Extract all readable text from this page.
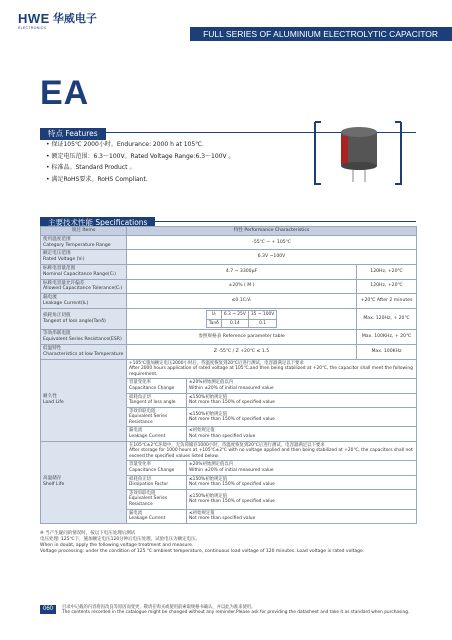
HWE 华威电子
ELECTRONICS
FULL SERIES OF ALUMINIUM ELECTROLYTIC CAPACITOR
EA
特点 Features
• 保证105℃ 2000小时。Endurance: 2000 h at 105℃.
• 额定电压范围：6.3～100V。Rated Voltage Range:6.3～100V 。
• 标准品。Standard Product 。
• 满足RoHS要求。RoHS Compliant.
主要技术性能 Specifications
项目 Items	特性 Performance Characteristics

使用温度范围
Category Temperature Range
	-55℃ ~ + 105℃

额定电压范围
Rated Voltage (Vᵣ)
	6.3V ~100V

标称电容量范围
Nominal Capacitance Range(Cᵣ)
	4.7 ~ 3300μF	120Hz, +20℃

标称电容量允许偏差
Allowed Capacitance Tolerance(Cᵣ)
	±20% ( M )	120Hz, +20℃

漏电流
Leakage Current(Iʟ)
	≤0.1CᵣVᵣ	+20℃ After 2 minutes

损耗角正切值
Tangent of loss angle(Tanδ)

Uᵣ	6.3 ~ 25V	35 ~ 100V
Tanδ	0.14	0.1
	Max. 120Hz, + 20℃

等效串联电阻
Equivalent Series Resistance(ESR)
	参照规格表 Reference parameter table	Max. 100KHz, + 20℃

低温特性
Characteristics at low Temperature
	Z -55℃ / Z +20℃ ≤ 1.5	Max. 100KHz

耐久性
Load Life

+105℃施加额定电压2000小时后，待温度恢复到20℃后进行测试，电容器满足以下要求
After 2000 hours application of rated voltage at 105℃,and then being stabilized at +20℃, the capacitor shall meet the following requirement.

容量变化率
Capacitance Change

±20%初始测定值以内
Within ±20% of initial measured value

损耗角正切
Tangent of loss angle

≤150%初始规定值
Not more than 150% of specified value

等效串联电阻
Equivalent Series Resistance

≤150%初始规定值
Not more than 150% of specified value

漏电流
Leakage Current

≤初始规定值
Not more than specified value

高温储存
Shelf Life

在105℃±2℃环境中，无负荷储存1000小时，待温度恢复到20℃后进行测试，电容器满足以下要求
After storage for 1000 hours at +105℃±2℃ with no voltage applied and then being stabilized at +20℃, the capacitors shall not exceed the specified values listed below.

容量变化率
Capacitance Change

±20%初始测定值以内
Within ±20% of initial measured value

损耗角正切
Dissipation Factor

≤150%初始规定值
Not more than 150% of specified value

等效串联电阻
Equivalent Series Resistance

≤150%初始规定值
Not more than 150% of specified value

漏电流
Leakage Current

≤初始规定值
Not more than specified value
※ 当产生疑问的情况时，按以下电压处理后测试
电压处理: 125℃下，施加额定电压120分钟后电压处理，试验电压为额定电压。
When in doubt, apply the following voltage treatment and measure.
Voltage processing: under the condition of 125 ℃ ambient temperature, continuous load voltage of 120 minutes. Load voltage is rated voltage.
060	目录中记载的内容将因改良等原因而变更，敬请在购买或使用前索取规格书确认，并以此为准来使用。
The contents recorded in the catalogue might be changed without any reminder.Please ask for providing the datasheet and take it as standard when purchasing.
